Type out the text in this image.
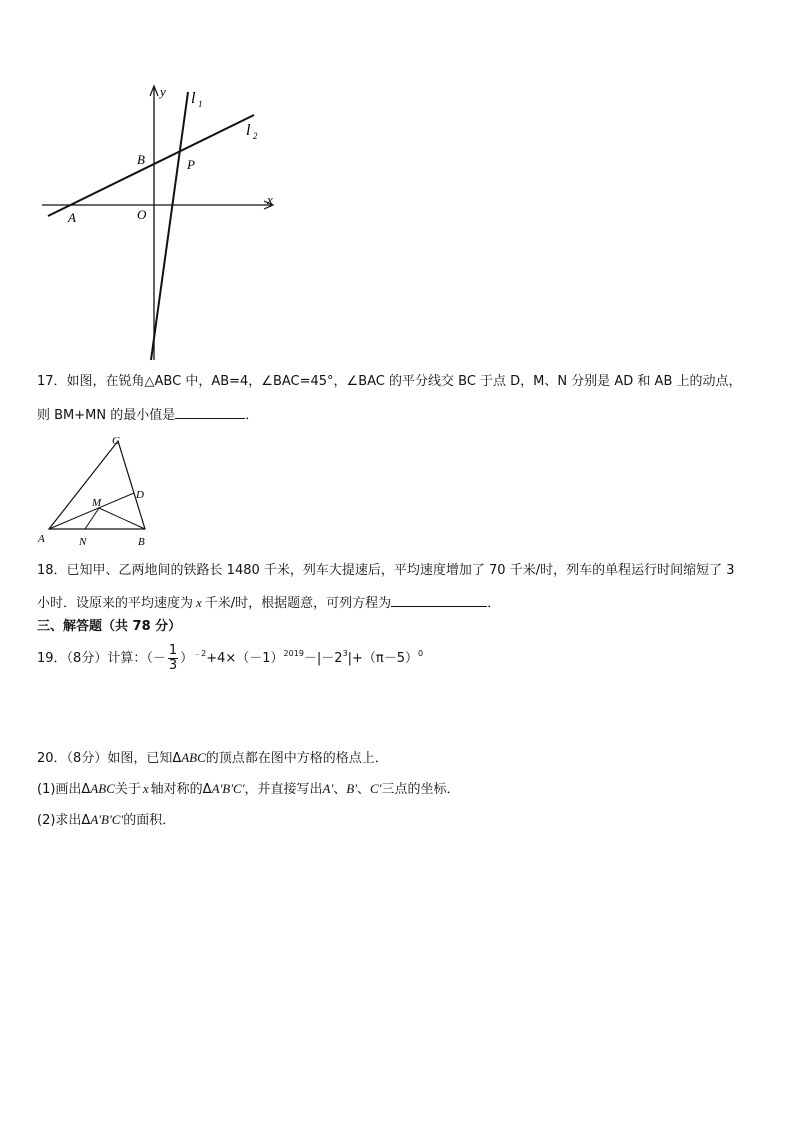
y
x
l 1
l 2
B	P
A	O
17．如图，在锐角△ABC 中，AB=4，∠BAC=45°，∠BAC 的平分线交 BC 于点 D，M、N 分别是 AD 和 AB 上的动点，
则 BM+MN 的最小值是	．
C
D
M
A	N	B
18．已知甲、乙两地间的铁路长 1480 千米，列车大提速后，平均速度增加了 70 千米/时，列车的单程运行时间缩短了 3
小时．设原来的平均速度为 x 千米/时，根据题意，可列方程为	．
三、解答题（共 78 分）
19．（8分）计算：（－ $\frac{1}{3} )^{﹣2}+4\times(-1)^{2019}-|-2^3|+(\pi-5)^0$
20．（8分）如图，已知ΔABC的顶点都在图中方格的格点上．
(1)画出ΔABC关于 x 轴对称的ΔA'B'C'，并直接写出A'、B'、C'三点的坐标．
(2)求出ΔA'B'C'的面积．
